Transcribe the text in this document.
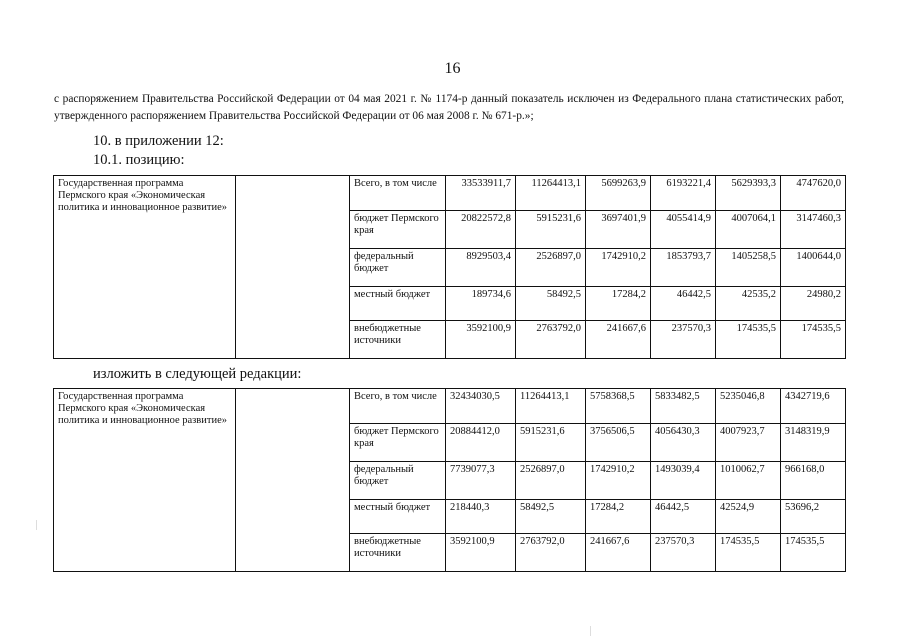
16
с распоряжением Правительства Российской Федерации от 04 мая 2021 г. № 1174-р данный показатель исключен из Федерального плана статистических работ, утвержденного распоряжением Правительства Российской Федерации от 06 мая 2008 г. № 671-р.»;
10. в приложении 12:
10.1. позицию:
Государственная программа Пермского края «Экономическая политика и инновационное развитие»		Всего, в том числе	33533911,7	11264413,1	5699263,9	6193221,4	5629393,3	4747620,0
		бюджет Пермского края	20822572,8	5915231,6	3697401,9	4055414,9	4007064,1	3147460,3
		федеральный бюджет	8929503,4	2526897,0	1742910,2	1853793,7	1405258,5	1400644,0
		местный бюджет	189734,6	58492,5	17284,2	46442,5	42535,2	24980,2
		внебюджетные источники	3592100,9	2763792,0	241667,6	237570,3	174535,5	174535,5
изложить в следующей редакции:
Государственная программа Пермского края «Экономическая политика и инновационное развитие»		Всего, в том числе	32434030,5	11264413,1	5758368,5	5833482,5	5235046,8	4342719,6
		бюджет Пермского края	20884412,0	5915231,6	3756506,5	4056430,3	4007923,7	3148319,9
		федеральный бюджет	7739077,3	2526897,0	1742910,2	1493039,4	1010062,7	966168,0
		местный бюджет	218440,3	58492,5	17284,2	46442,5	42524,9	53696,2
		внебюджетные источники	3592100,9	2763792,0	241667,6	237570,3	174535,5	174535,5
